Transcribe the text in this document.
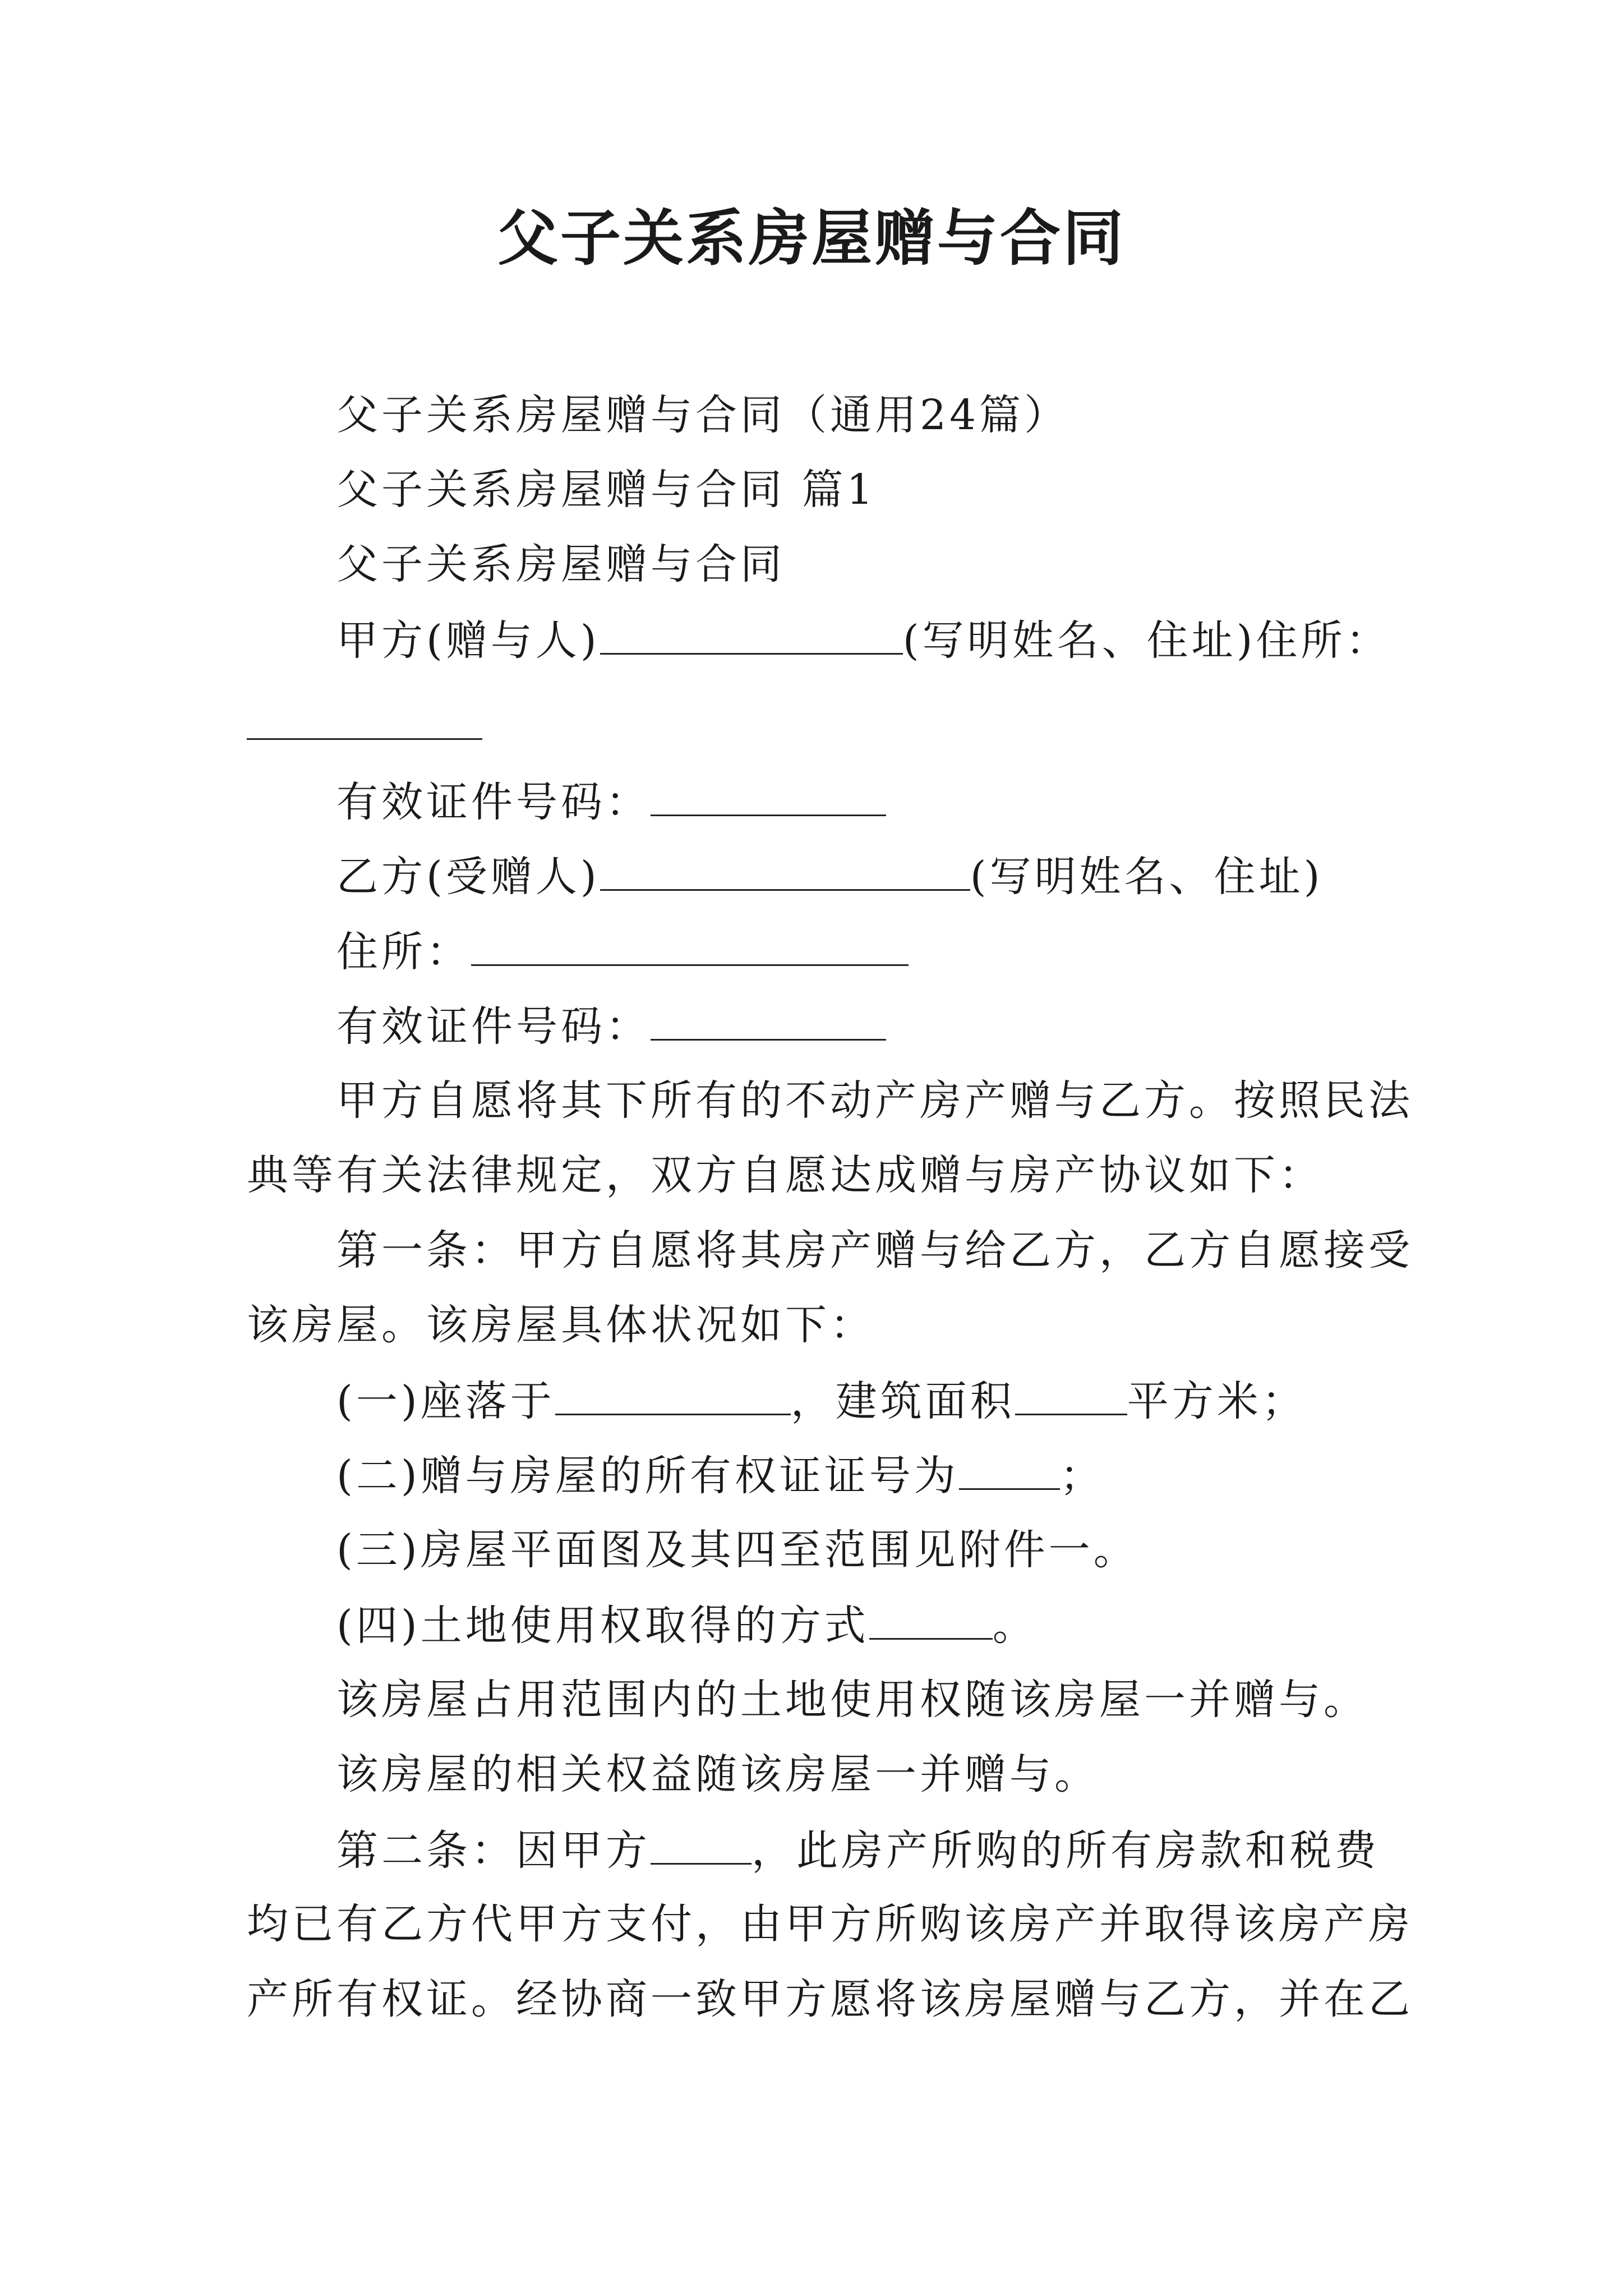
父子关系房屋赠与合同
父子关系房屋赠与合同（通用24篇）
父子关系房屋赠与合同 篇1
父子关系房屋赠与合同
甲方(赠与人)	(写明姓名、住址)住所：
有效证件号码：
乙方(受赠人)	(写明姓名、住址)
住所：
有效证件号码：
甲方自愿将其下所有的不动产房产赠与乙方。按照民法
典等有关法律规定，双方自愿达成赠与房产协议如下：
第一条：甲方自愿将其房产赠与给乙方，乙方自愿接受
该房屋。该房屋具体状况如下：
(一)座落于	，建筑面积	平方米；
(二)赠与房屋的所有权证证号为 ；
(三)房屋平面图及其四至范围见附件一。
(四)土地使用权取得的方式	。
该房屋占用范围内的土地使用权随该房屋一并赠与。
该房屋的相关权益随该房屋一并赠与。
第二条：因甲方 ，此房产所购的所有房款和税费
均已有乙方代甲方支付，由甲方所购该房产并取得该房产房
产所有权证。经协商一致甲方愿将该房屋赠与乙方，并在乙
